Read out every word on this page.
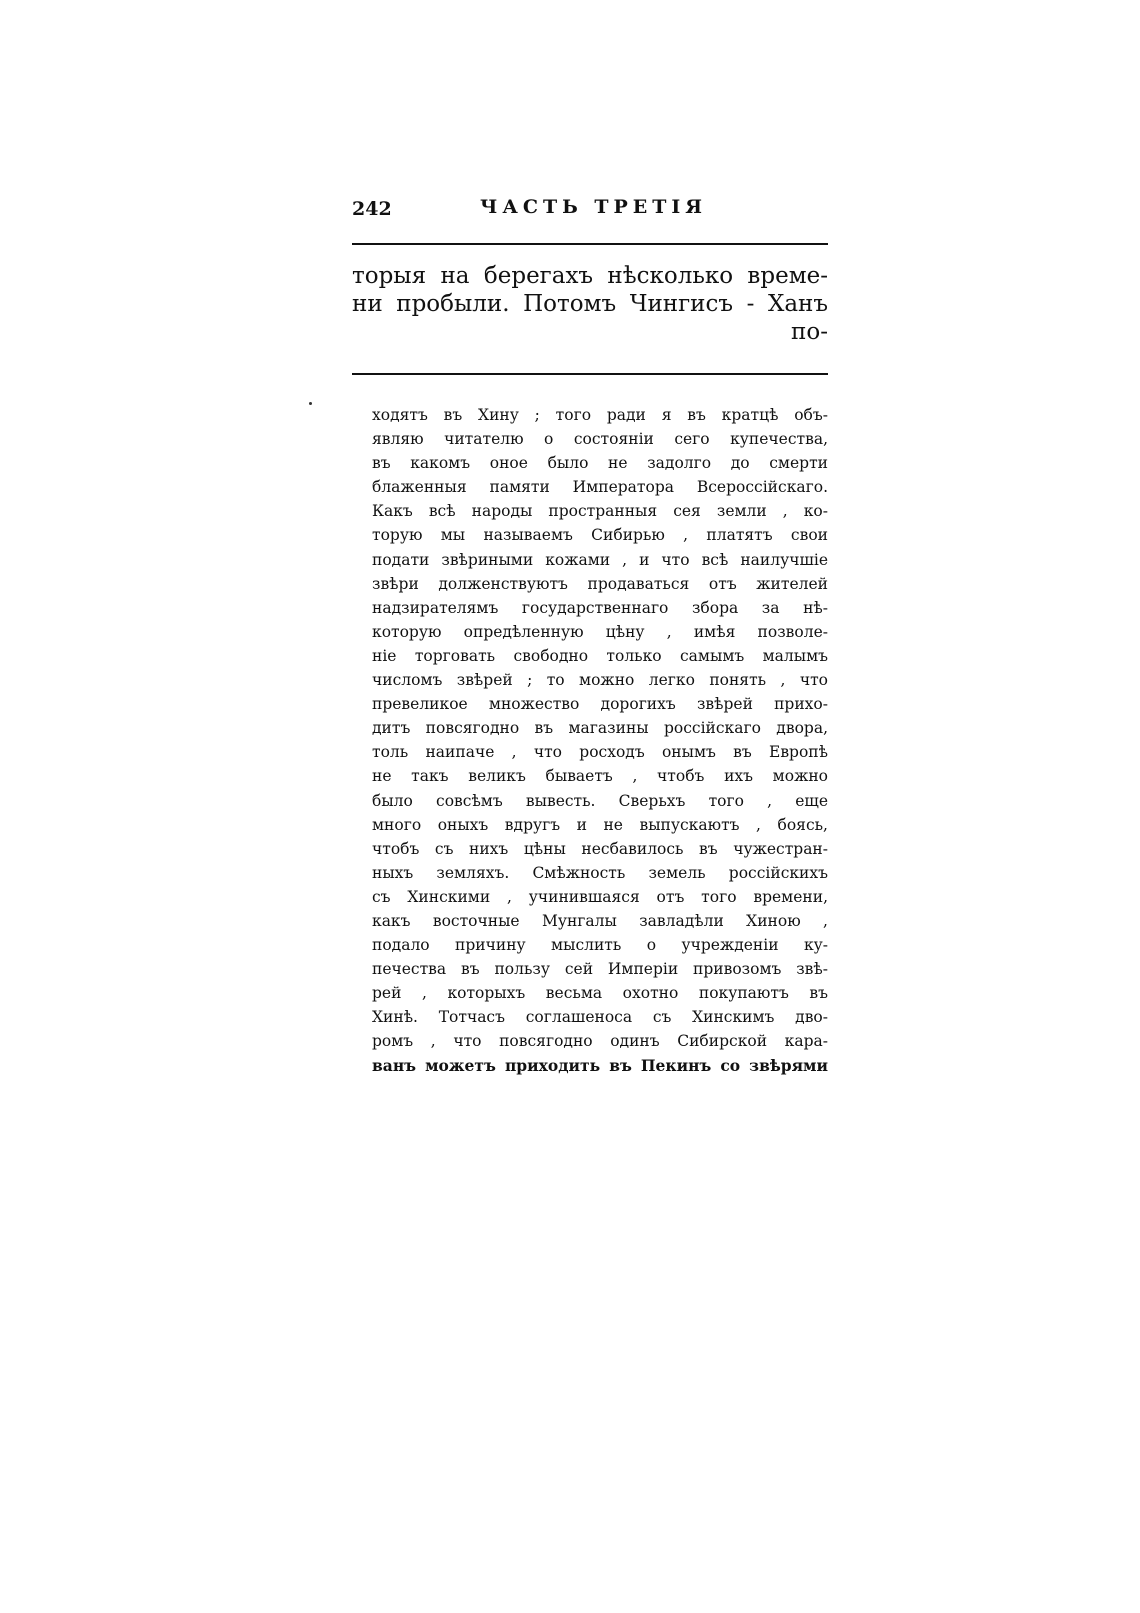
242	ЧАСТЬ ТРЕТІЯ
торыя на берегахъ нѣсколько време-
ни пробыли. Потомъ Чингисъ - Ханъ
по-
ходятъ въ Хину ; того ради я въ кратцѣ объ-
являю читателю о состояніи сего купечества,
въ какомъ оное было не задолго до смерти
блаженныя памяти Императора Всероссійскаго.
Какъ всѣ народы пространныя сея земли , ко-
торую мы называемъ Сибирью , платятъ свои
подати звѣриными кожами , и что всѣ наилучшіе
звѣри долженствуютъ продаваться отъ жителей
надзирателямъ государственнаго збора за нѣ-
которую опредѣленную цѣну , имѣя позволе-
ніе торговать свободно только самымъ малымъ
числомъ звѣрей ; то можно легко понять , что
превеликое множество дорогихъ звѣрей прихо-
дитъ повсягодно въ магазины россійскаго двора,
толь наипаче , что росходъ онымъ въ Европѣ
не такъ великъ бываетъ , чтобъ ихъ можно
было совсѣмъ вывесть. Сверьхъ того , еще
много оныхъ вдругъ и не выпускаютъ , боясь,
чтобъ съ нихъ цѣны несбавилось въ чужестран-
ныхъ земляхъ. Смѣжность земель россійскихъ
съ Хинскими , учинившаяся отъ того времени,
какъ восточные Мунгалы завладѣли Хиною ,
подало причину мыслить о учрежденіи ку-
печества въ пользу сей Имперіи привозомъ звѣ-
рей , которыхъ весьма охотно покупаютъ въ
Хинѣ. Тотчасъ соглашеноса съ Хинскимъ дво-
ромъ , что повсягодно одинъ Сибирской кара-
ванъ можетъ приходить въ Пекинъ со звѣрями
